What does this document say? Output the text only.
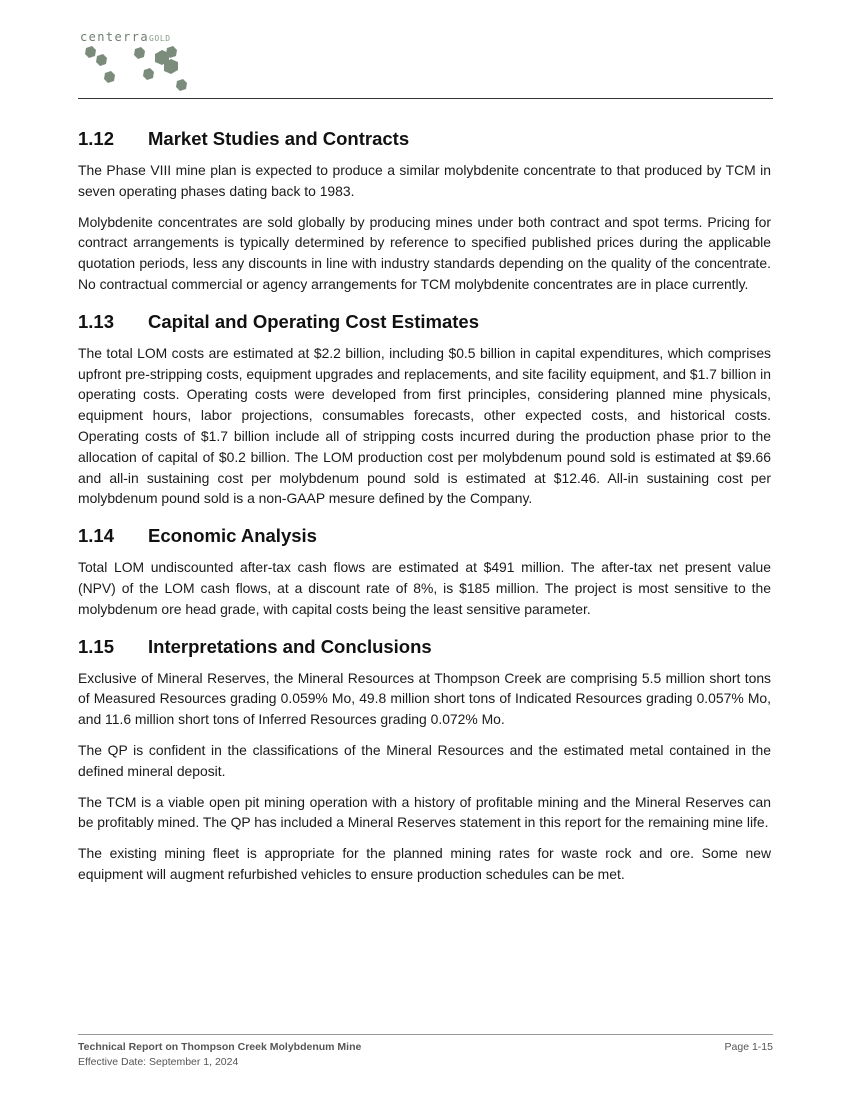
centerraGOLD
1.12 Market Studies and Contracts

The Phase VIII mine plan is expected to produce a similar molybdenite concentrate to that produced by TCM in seven operating phases dating back to 1983.

Molybdenite concentrates are sold globally by producing mines under both contract and spot terms. Pricing for contract arrangements is typically determined by reference to specified published prices during the applicable quotation periods, less any discounts in line with industry standards depending on the quality of the concentrate. No contractual commercial or agency arrangements for TCM molybdenite concentrates are in place currently.

1.13 Capital and Operating Cost Estimates

The total LOM costs are estimated at $2.2 billion, including $0.5 billion in capital expenditures, which comprises upfront pre-stripping costs, equipment upgrades and replacements, and site facility equipment, and $1.7 billion in operating costs. Operating costs were developed from first principles, considering planned mine physicals, equipment hours, labor projections, consumables forecasts, other expected costs, and historical costs. Operating costs of $1.7 billion include all of stripping costs incurred during the production phase prior to the allocation of capital of $0.2 billion. The LOM production cost per molybdenum pound sold is estimated at $9.66 and all-in sustaining cost per molybdenum pound sold is estimated at $12.46. All-in sustaining cost per molybdenum pound sold is a non-GAAP mesure defined by the Company.

1.14 Economic Analysis

Total LOM undiscounted after-tax cash flows are estimated at $491 million. The after-tax net present value (NPV) of the LOM cash flows, at a discount rate of 8%, is $185 million. The project is most sensitive to the molybdenum ore head grade, with capital costs being the least sensitive parameter.

1.15 Interpretations and Conclusions

Exclusive of Mineral Reserves, the Mineral Resources at Thompson Creek are comprising 5.5 million short tons of Measured Resources grading 0.059% Mo, 49.8 million short tons of Indicated Resources grading 0.057% Mo, and 11.6 million short tons of Inferred Resources grading 0.072% Mo.

The QP is confident in the classifications of the Mineral Resources and the estimated metal contained in the defined mineral deposit.

The TCM is a viable open pit mining operation with a history of profitable mining and the Mineral Reserves can be profitably mined. The QP has included a Mineral Reserves statement in this report for the remaining mine life.

The existing mining fleet is appropriate for the planned mining rates for waste rock and ore. Some new equipment will augment refurbished vehicles to ensure production schedules can be met.

Technical Report on Thompson Creek Molybdenum Mine
Effective Date: September 1, 2024
Page 1-15
